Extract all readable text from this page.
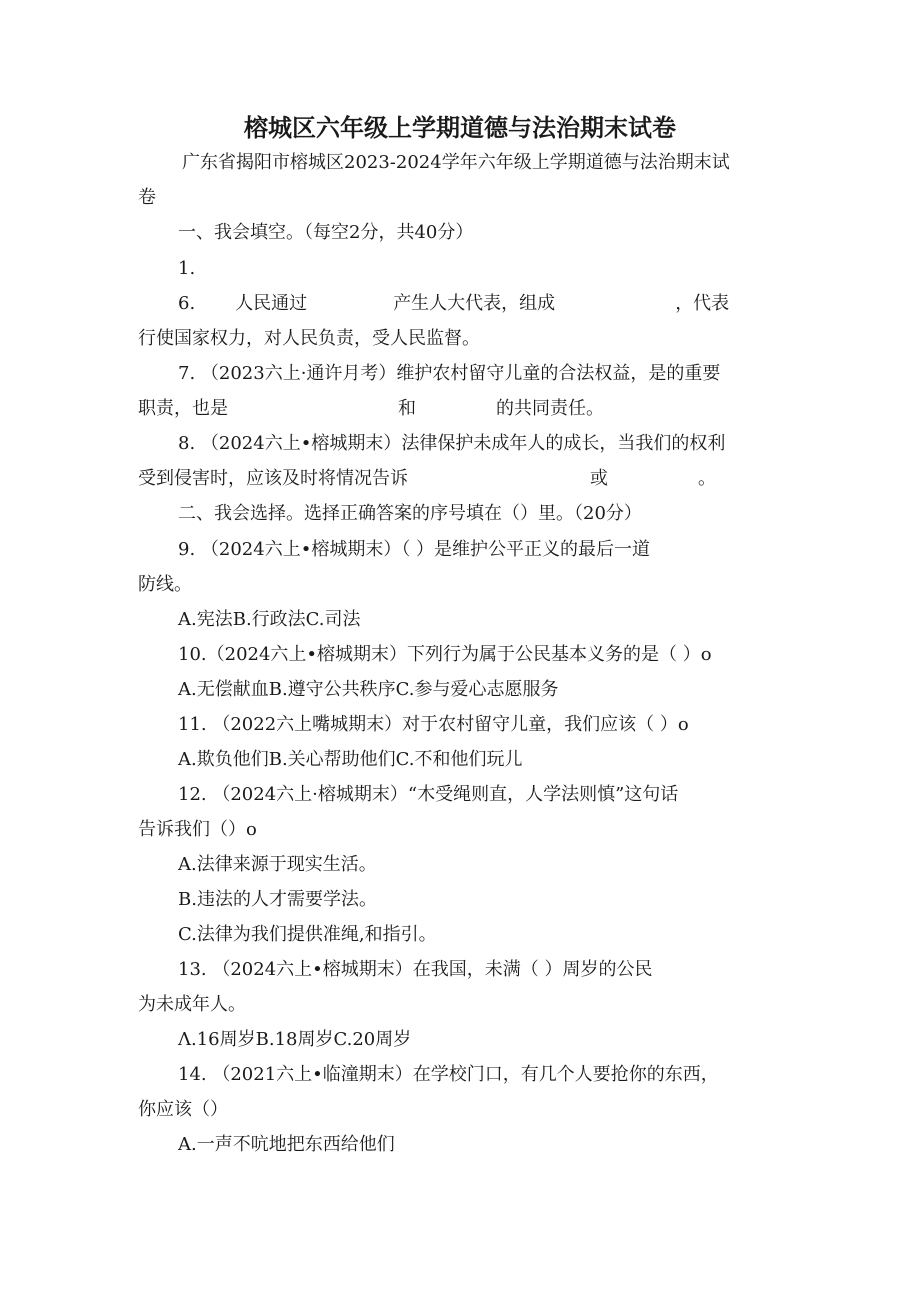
榕城区六年级上学期道德与法治期末试卷
广东省揭阳市榕城区2023-2024学年六年级上学期道德与法治期末试
卷
一、我会填空。（每空2分，共40分）
1.
6. 人民通过	产生人大代表，组成	，代表
行使国家权力，对人民负责，受人民监督。
7. （2023六上·通许月考）维护农村留守儿童的合法权益，是的重要
职责，也是	和	的共同责任。
8. （2024六上•榕城期末）法律保护未成年人的成长，当我们的权利
受到侵害时，应该及时将情况告诉	或	。
二、我会选择。选择正确答案的序号填在（）里。（20分）
9. （2024六上•榕城期末）（ ）是维护公平正义的最后一道
防线。
A.宪法B.行政法C.司法
10.（2024六上•榕城期末）下列行为属于公民基本义务的是（ ）o
A.无偿献血B.遵守公共秩序C.参与爱心志愿服务
11. （2022六上嘴城期末）对于农村留守儿童，我们应该（ ）o
A.欺负他们B.关心帮助他们C.不和他们玩儿
12. （2024六上·榕城期末）“木受绳则直，人学法则慎”这句话
告诉我们（）o
A.法律来源于现实生活。
B.违法的人才需要学法。
C.法律为我们提供准绳,和指引。
13. （2024六上•榕城期末）在我国，未满（ ）周岁的公民
为未成年人。
Λ.16周岁B.18周岁C.20周岁
14. （2021六上•临潼期末）在学校门口，有几个人要抢你的东西，
你应该（）
A.一声不吭地把东西给他们
